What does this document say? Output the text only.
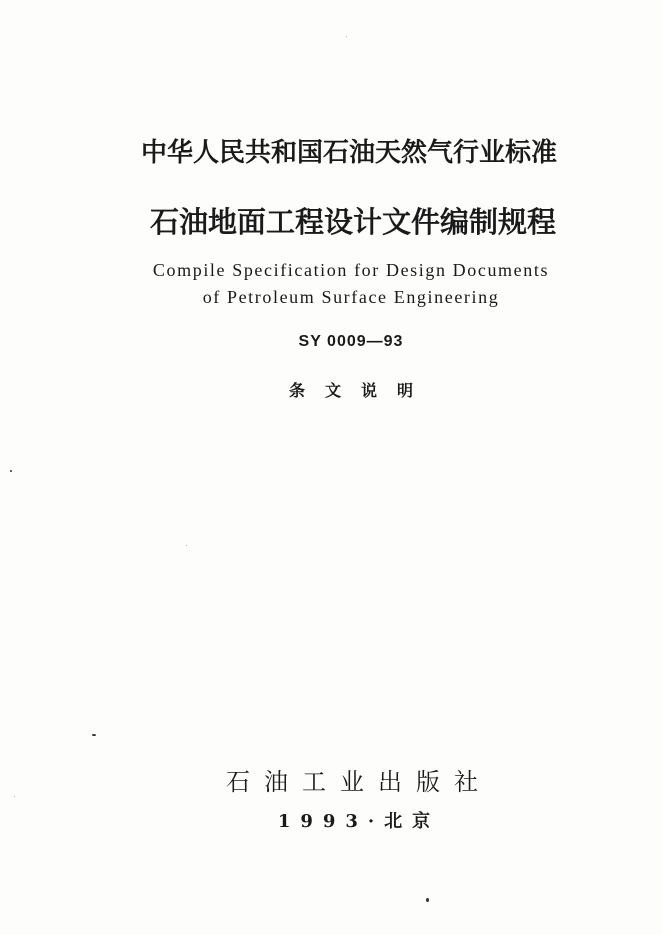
中华人民共和国石油天然气行业标准
石油地面工程设计文件编制规程
Compile Specification for Design Documents
of Petroleum Surface Engineering
SY 0009—93
条文说明
石油工业出版社
1993·北京
